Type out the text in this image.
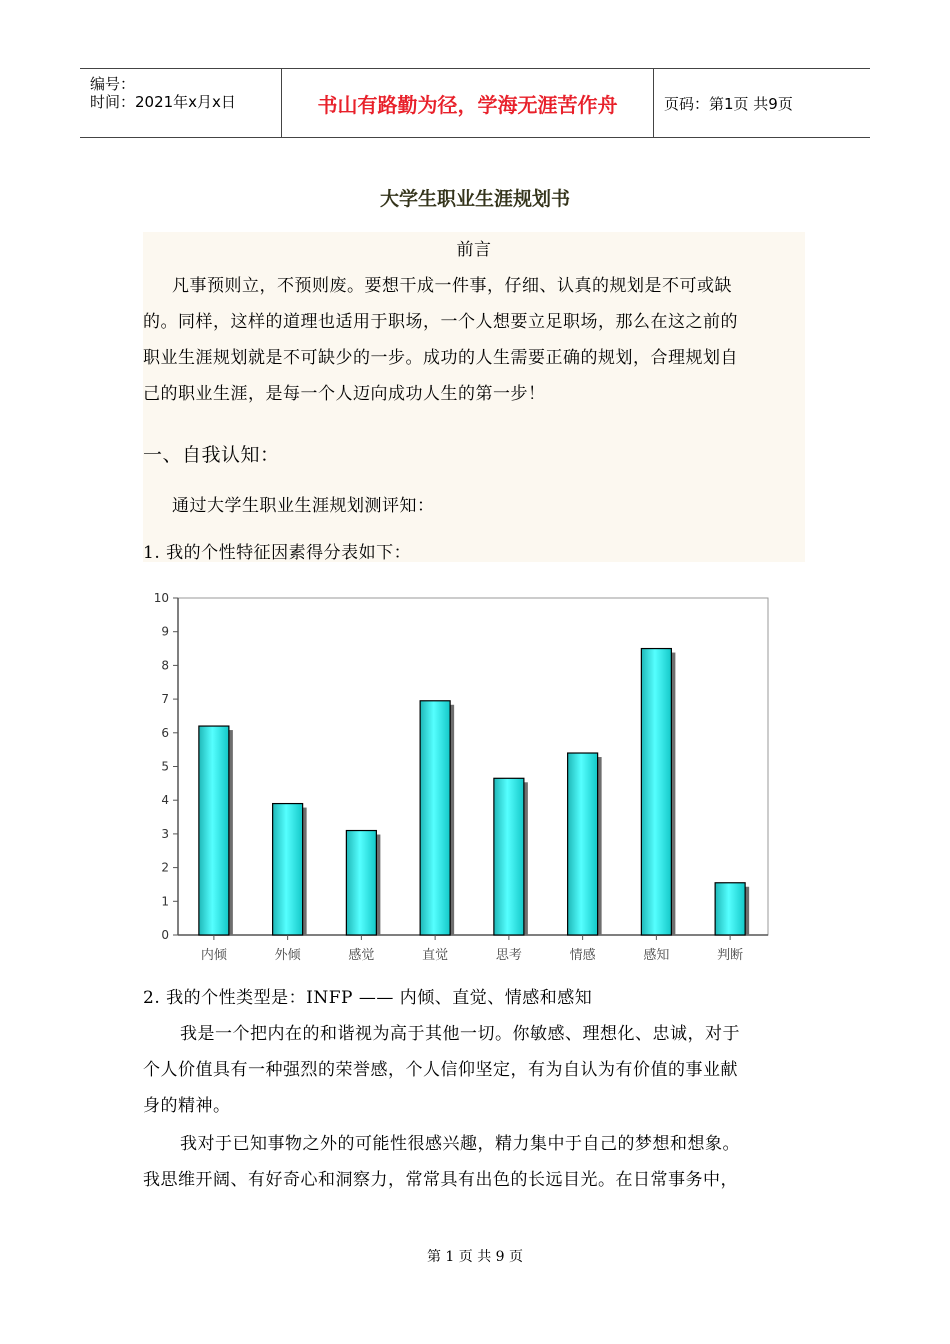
编号：
时间：2021年x月x日	书山有路勤为径，学海无涯苦作舟	页码：第1页 共9页
大学生职业生涯规划书

前言

凡事预则立，不预则废。要想干成一件事，仔细、认真的规划是不可或缺

的。同样，这样的道理也适用于职场，一个人想要立足职场，那么在这之前的

职业生涯规划就是不可缺少的一步。成功的人生需要正确的规划，合理规划自

己的职业生涯，是每一个人迈向成功人生的第一步！

一、自我认知：

通过大学生职业生涯规划测评知：

1. 我的个性特征因素得分表如下：

0
1
2
3
4
5
6
7
8
9
10
内倾	外倾	感觉	直觉	思考	情感	感知	判断

2. 我的个性类型是：INFP —— 内倾、直觉、情感和感知

我是一个把内在的和谐视为高于其他一切。你敏感、理想化、忠诚，对于

个人价值具有一种强烈的荣誉感，个人信仰坚定，有为自认为有价值的事业献

身的精神。

我对于已知事物之外的可能性很感兴趣，精力集中于自己的梦想和想象。

我思维开阔、有好奇心和洞察力，常常具有出色的长远目光。在日常事务中，

第 1 页 共 9 页
